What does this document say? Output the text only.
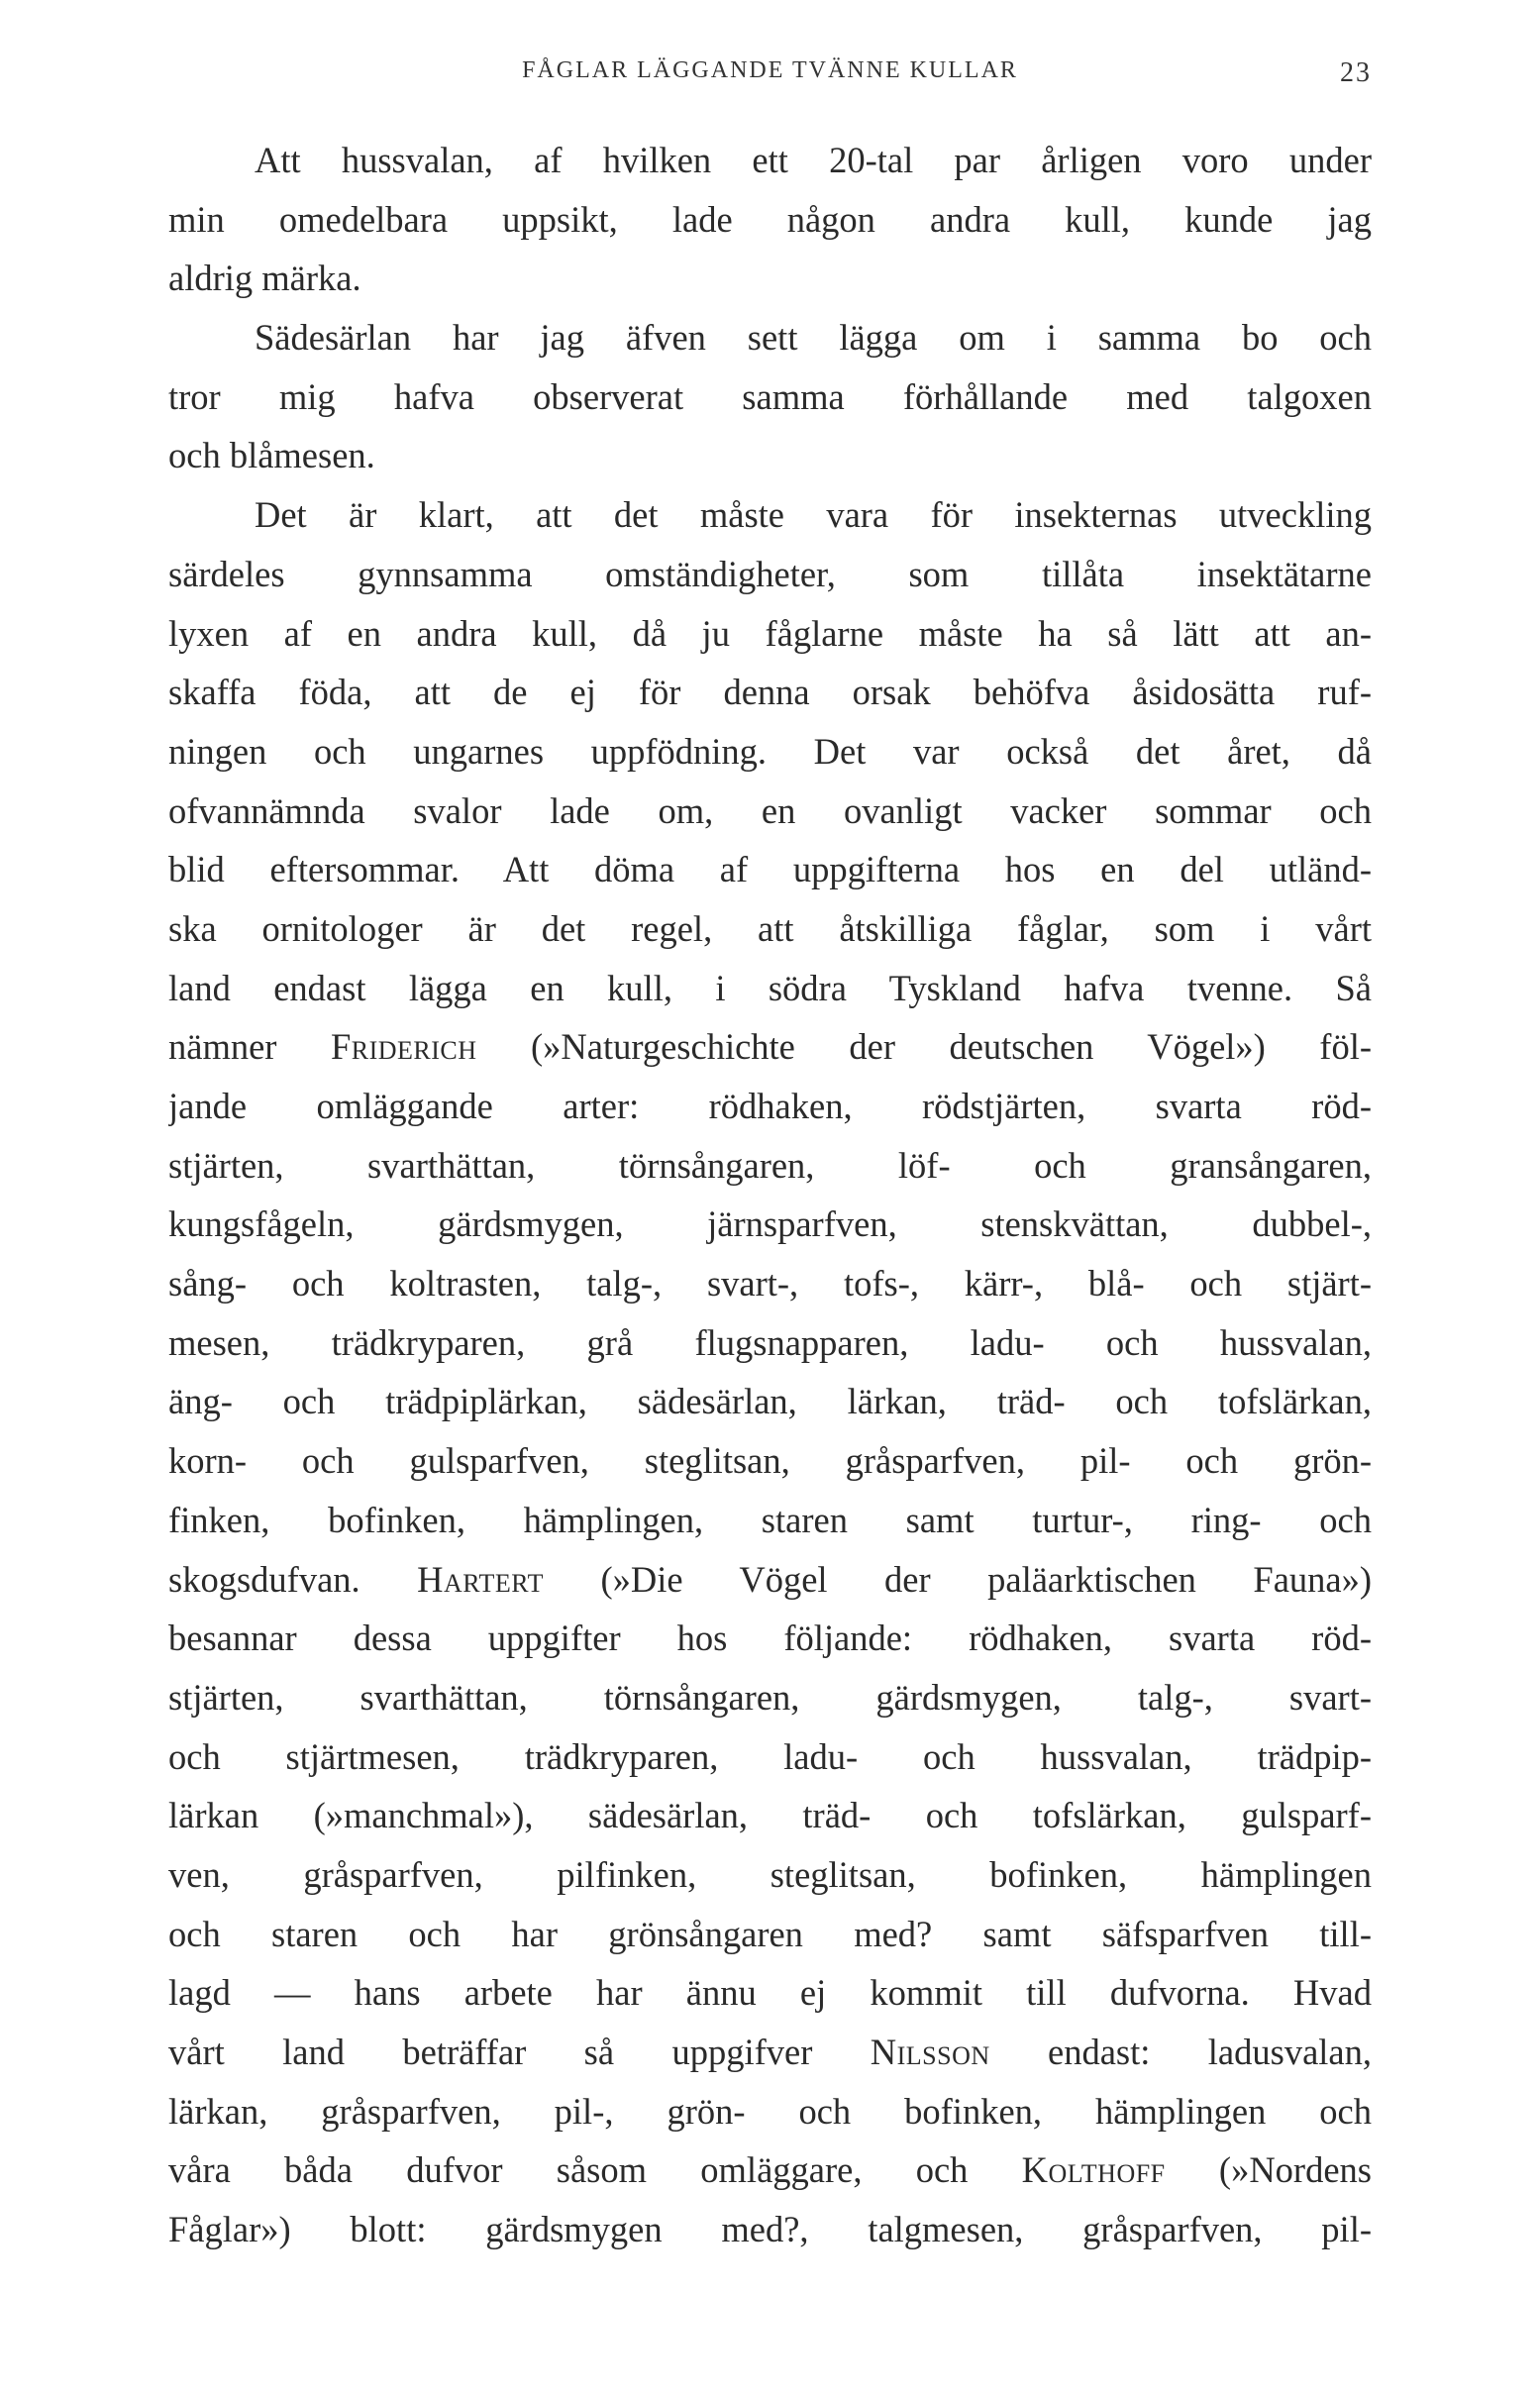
FÅGLAR LÄGGANDE TVÄNNE KULLAR	23
Att hussvalan, af hvilken ett 20-tal par årligen voro under
min omedelbara uppsikt, lade någon andra kull, kunde jag
aldrig märka.
Sädesärlan har jag äfven sett lägga om i samma bo och
tror mig hafva observerat samma förhållande med talgoxen
och blåmesen.
Det är klart, att det måste vara för insekternas utveckling
särdeles gynnsamma omständigheter, som tillåta insektätarne
lyxen af en andra kull, då ju fåglarne måste ha så lätt att an-
skaffa föda, att de ej för denna orsak behöfva åsidosätta ruf-
ningen och ungarnes uppfödning. Det var också det året, då
ofvannämnda svalor lade om, en ovanligt vacker sommar och
blid eftersommar. Att döma af uppgifterna hos en del utländ-
ska ornitologer är det regel, att åtskilliga fåglar, som i vårt
land endast lägga en kull, i södra Tyskland hafva tvenne. Så
nämner Friderich (»Naturgeschichte der deutschen Vögel») föl-
jande omläggande arter: rödhaken, rödstjärten, svarta röd-
stjärten, svarthättan, törnsångaren, löf- och gransångaren,
kungsfågeln, gärdsmygen, järnsparfven, stenskvättan, dubbel-,
sång- och koltrasten, talg-, svart-, tofs-, kärr-, blå- och stjärt-
mesen, trädkryparen, grå flugsnapparen, ladu- och hussvalan,
äng- och trädpiplärkan, sädesärlan, lärkan, träd- och tofslärkan,
korn- och gulsparfven, steglitsan, gråsparfven, pil- och grön-
finken, bofinken, hämplingen, staren samt turtur-, ring- och
skogsdufvan. Hartert (»Die Vögel der paläarktischen Fauna»)
besannar dessa uppgifter hos följande: rödhaken, svarta röd-
stjärten, svarthättan, törnsångaren, gärdsmygen, talg-, svart-
och stjärtmesen, trädkryparen, ladu- och hussvalan, trädpip-
lärkan (»manchmal»), sädesärlan, träd- och tofslärkan, gulsparf-
ven, gråsparfven, pilfinken, steglitsan, bofinken, hämplingen
och staren och har grönsångaren med? samt säfsparfven till-
lagd — hans arbete har ännu ej kommit till dufvorna. Hvad
vårt land beträffar så uppgifver Nilsson endast: ladusvalan,
lärkan, gråsparfven, pil-, grön- och bofinken, hämplingen och
våra båda dufvor såsom omläggare, och Kolthoff (»Nordens
Fåglar») blott: gärdsmygen med?, talgmesen, gråsparfven, pil-
